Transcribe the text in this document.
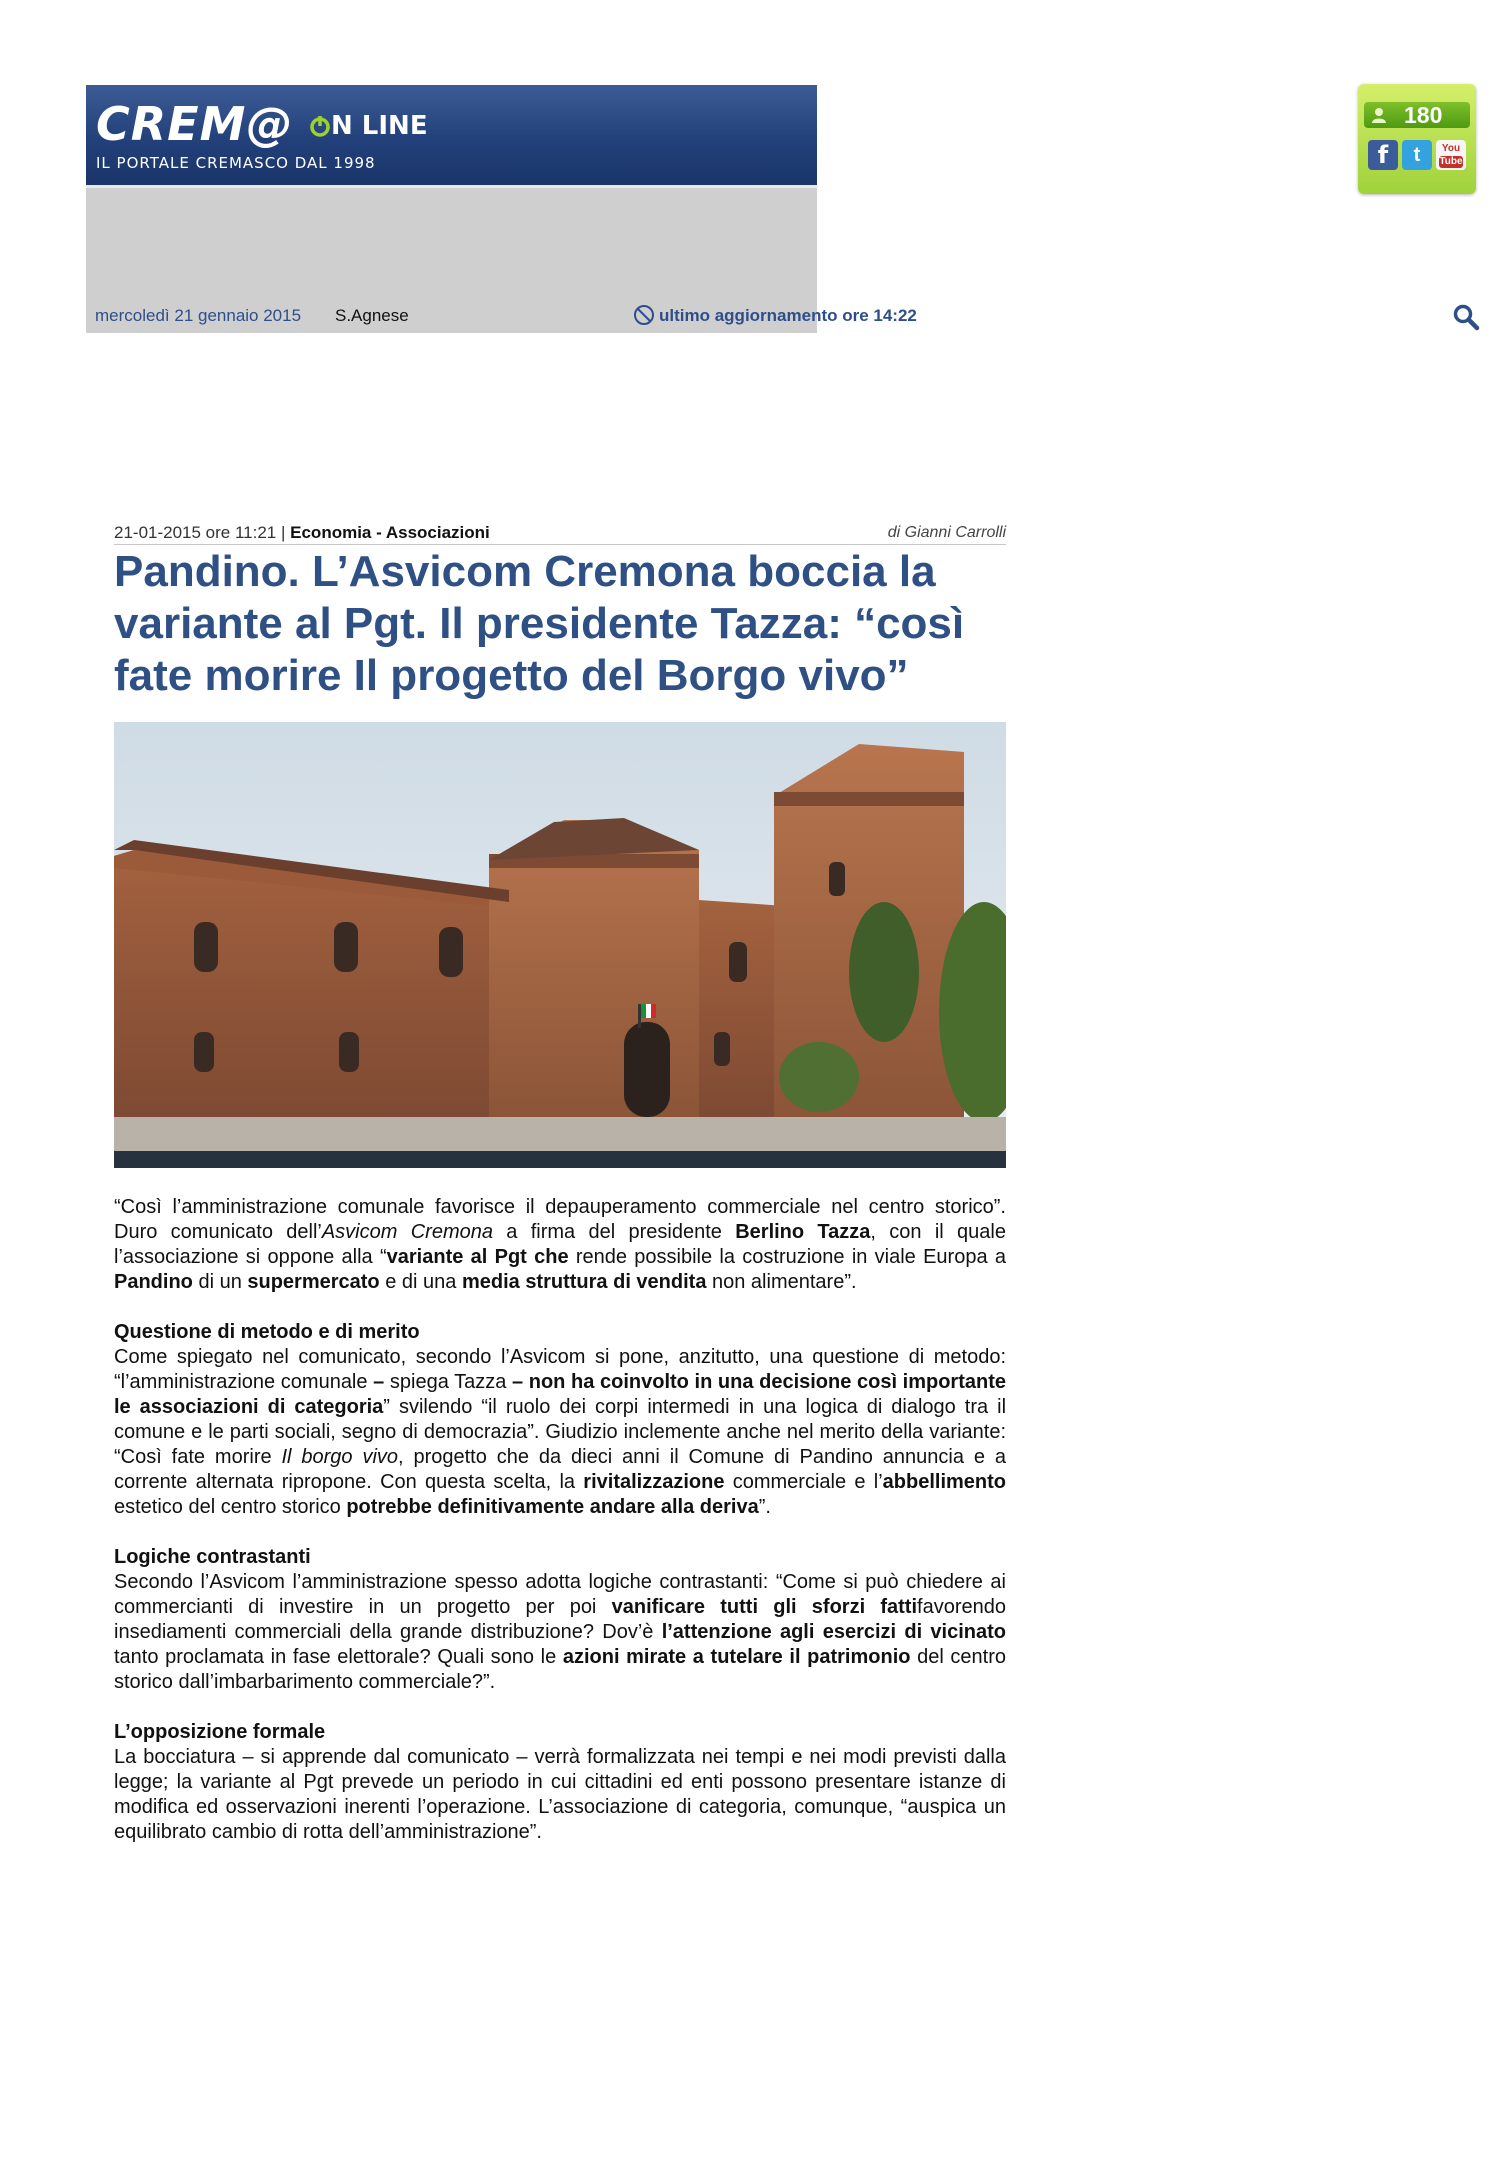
CREM@ N LINE
IL PORTALE CREMASCO DAL 1998
mercoledì 21 gennaio 2015 S.Agnese	ultimo aggiornamento ore 14:22
180
f	t	You
Tube
21-01-2015 ore 11:21 | Economia - Associazioni	di Gianni Carrolli
Pandino. L’Asvicom Cremona boccia la variante al Pgt. Il presidente Tazza: “così fate morire Il progetto del Borgo vivo”

“Così l’amministrazione comunale favorisce il depauperamento commerciale nel centro storico”. Duro comunicato dell’Asvicom Cremona a firma del presidente Berlino Tazza, con il quale l’associazione si oppone alla “variante al Pgt che rende possibile la costruzione in viale Europa a Pandino di un supermercato e di una media struttura di vendita non alimentare”.

Questione di metodo e di merito

Come spiegato nel comunicato, secondo l’Asvicom si pone, anzitutto, una questione di metodo: “l’amministrazione comunale – spiega Tazza – non ha coinvolto in una decisione così importante le associazioni di categoria” svilendo “il ruolo dei corpi intermedi in una logica di dialogo tra il comune e le parti sociali, segno di democrazia”. Giudizio inclemente anche nel merito della variante: “Così fate morire Il borgo vivo, progetto che da dieci anni il Comune di Pandino annuncia e a corrente alternata ripropone. Con questa scelta, la rivitalizzazione commerciale e l’abbellimento estetico del centro storico potrebbe definitivamente andare alla deriva”.

Logiche contrastanti

Secondo l’Asvicom l’amministrazione spesso adotta logiche contrastanti: “Come si può chiedere ai commercianti di investire in un progetto per poi vanificare tutti gli sforzi fattifavorendo insediamenti commerciali della grande distribuzione? Dov’è l’attenzione agli esercizi di vicinato tanto proclamata in fase elettorale? Quali sono le azioni mirate a tutelare il patrimonio del centro storico dall’imbarbarimento commerciale?”.

L’opposizione formale

La bocciatura – si apprende dal comunicato – verrà formalizzata nei tempi e nei modi previsti dalla legge; la variante al Pgt prevede un periodo in cui cittadini ed enti possono presentare istanze di modifica ed osservazioni inerenti l’operazione. L’associazione di categoria, comunque, “auspica un equilibrato cambio di rotta dell’amministrazione”.
